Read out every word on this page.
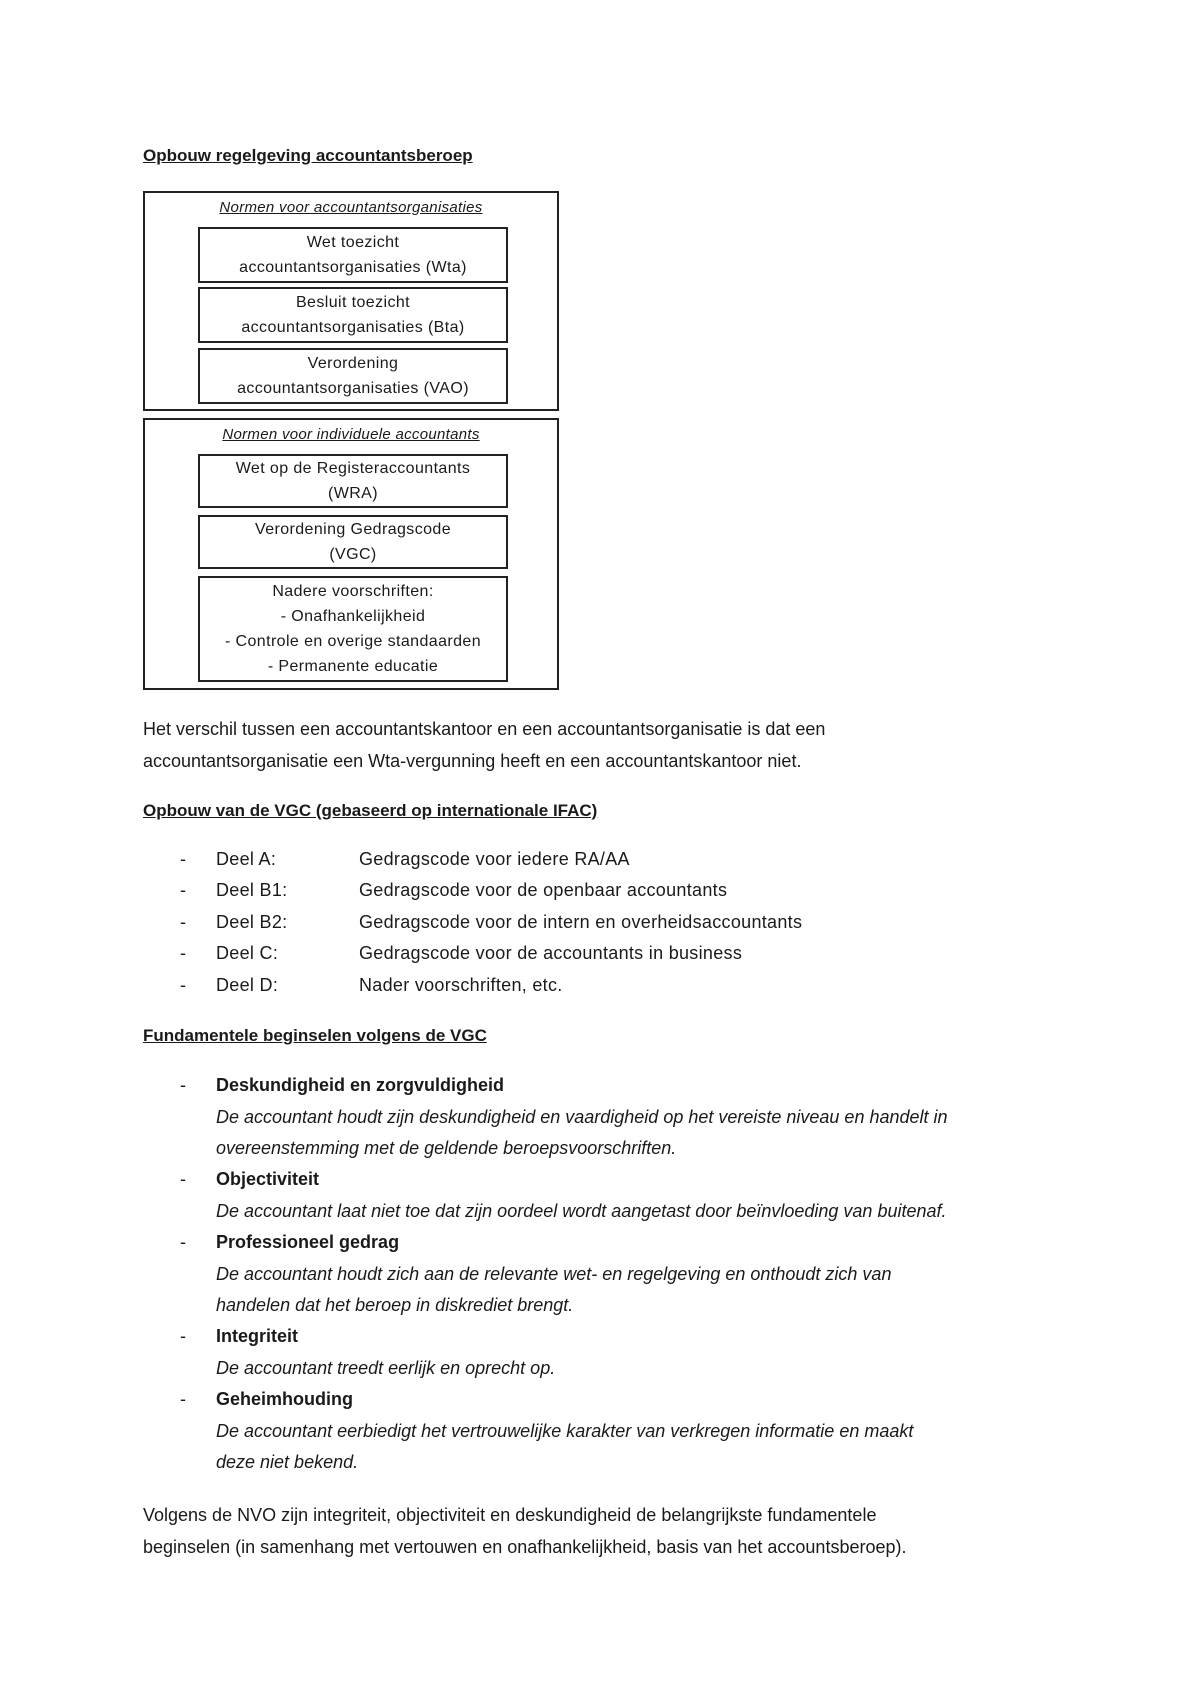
Opbouw regelgeving accountantsberoep
Normen voor accountantsorganisaties
Wet toezicht
accountantsorganisaties (Wta)
Besluit toezicht
accountantsorganisaties (Bta)
Verordening
accountantsorganisaties (VAO)
Normen voor individuele accountants
Wet op de Registeraccountants
(WRA)
Verordening Gedragscode
(VGC)
Nadere voorschriften:
- Onafhankelijkheid
- Controle en overige standaarden
- Permanente educatie
Het verschil tussen een accountantskantoor en een accountantsorganisatie is dat een
accountantsorganisatie een Wta-vergunning heeft en een accountantskantoor niet.
Opbouw van de VGC (gebaseerd op internationale IFAC)
- Deel A:	Gedragscode voor iedere RA/AA
- Deel B1:	Gedragscode voor de openbaar accountants
- Deel B2:	Gedragscode voor de intern en overheidsaccountants
- Deel C:	Gedragscode voor de accountants in business
- Deel D:	Nader voorschriften, etc.
Fundamentele beginselen volgens de VGC
- Deskundigheid en zorgvuldigheid
De accountant houdt zijn deskundigheid en vaardigheid op het vereiste niveau en handelt in
overeenstemming met de geldende beroepsvoorschriften.
- Objectiviteit
De accountant laat niet toe dat zijn oordeel wordt aangetast door beïnvloeding van buitenaf.
- Professioneel gedrag
De accountant houdt zich aan de relevante wet- en regelgeving en onthoudt zich van
handelen dat het beroep in diskrediet brengt.
- Integriteit
De accountant treedt eerlijk en oprecht op.
- Geheimhouding
De accountant eerbiedigt het vertrouwelijke karakter van verkregen informatie en maakt
deze niet bekend.
Volgens de NVO zijn integriteit, objectiviteit en deskundigheid de belangrijkste fundamentele
beginselen (in samenhang met vertouwen en onafhankelijkheid, basis van het accountsberoep).
